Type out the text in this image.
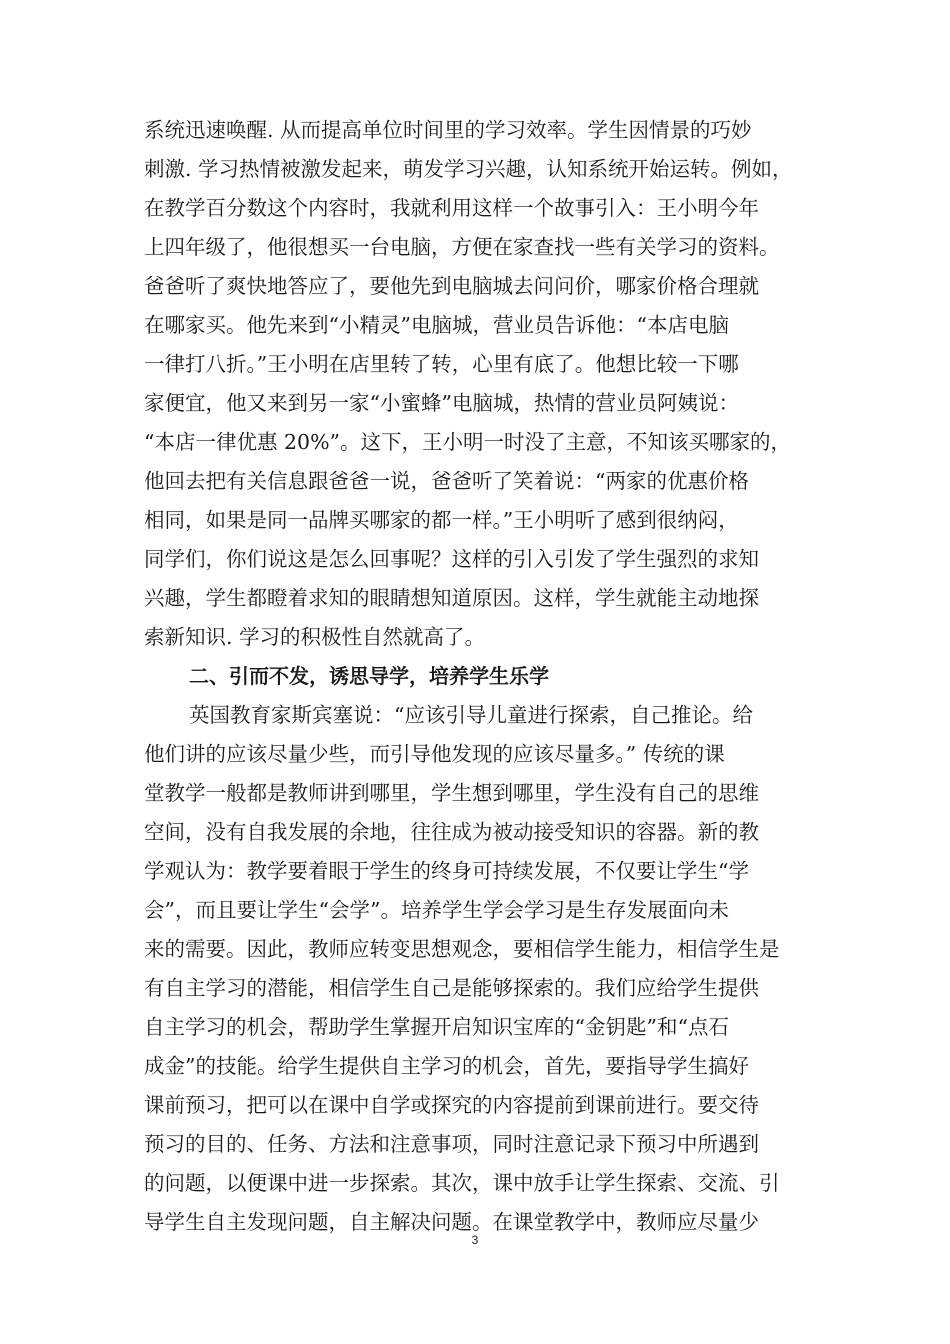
系统迅速唤醒. 从而提高单位时间里的学习效率。学生因情景的巧妙
刺激. 学习热情被激发起来，萌发学习兴趣，认知系统开始运转。例如，
在教学百分数这个内容时，我就利用这样一个故事引入：王小明今年
上四年级了，他很想买一台电脑，方便在家查找一些有关学习的资料。
爸爸听了爽快地答应了，要他先到电脑城去问问价，哪家价格合理就
在哪家买。他先来到“小精灵”电脑城，营业员告诉他：“本店电脑
一律打八折。”王小明在店里转了转，心里有底了。他想比较一下哪
家便宜，他又来到另一家“小蜜蜂”电脑城，热情的营业员阿姨说：
“本店一律优惠 20%”。这下，王小明一时没了主意，不知该买哪家的，
他回去把有关信息跟爸爸一说，爸爸听了笑着说：“两家的优惠价格
相同，如果是同一品牌买哪家的都一样。”王小明听了感到很纳闷，
同学们，你们说这是怎么回事呢？这样的引入引发了学生强烈的求知
兴趣，学生都瞪着求知的眼睛想知道原因。这样，学生就能主动地探
索新知识. 学习的积极性自然就高了。
二、引而不发，诱思导学，培养学生乐学
英国教育家斯宾塞说：“应该引导儿童进行探索，自己推论。给
他们讲的应该尽量少些，而引导他发现的应该尽量多。” 传统的课
堂教学一般都是教师讲到哪里，学生想到哪里，学生没有自己的思维
空间，没有自我发展的余地，往往成为被动接受知识的容器。新的教
学观认为：教学要着眼于学生的终身可持续发展，不仅要让学生“学
会”，而且要让学生“会学”。培养学生学会学习是生存发展面向未
来的需要。因此，教师应转变思想观念，要相信学生能力，相信学生是
有自主学习的潜能，相信学生自己是能够探索的。我们应给学生提供
自主学习的机会，帮助学生掌握开启知识宝库的“金钥匙”和“点石
成金”的技能。给学生提供自主学习的机会，首先，要指导学生搞好
课前预习，把可以在课中自学或探究的内容提前到课前进行。要交待
预习的目的、任务、方法和注意事项，同时注意记录下预习中所遇到
的问题，以便课中进一步探索。其次，课中放手让学生探索、交流、引
导学生自主发现问题，自主解决问题。在课堂教学中，教师应尽量少
3
